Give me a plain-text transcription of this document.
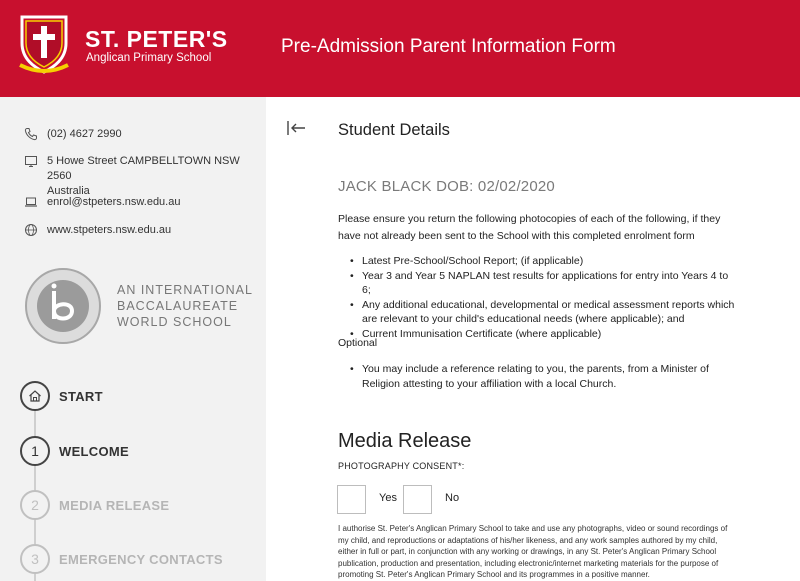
ST. PETER'S
Anglican Primary School
Pre-Admission Parent Information Form
(02) 4627 2990
5 Howe Street CAMPBELLTOWN NSW 2560
Australia
enrol@stpeters.nsw.edu.au
www.stpeters.nsw.edu.au
AN INTERNATIONAL
BACCALAUREATE
WORLD SCHOOL
START
1	WELCOME
2	MEDIA RELEASE
3	EMERGENCY CONTACTS
Student Details
JACK BLACK DOB: 02/02/2020
Please ensure you return the following photocopies of each of the following, if they have not already been sent to the School with this completed enrolment form
• Latest Pre-School/School Report; (if applicable)
• Year 3 and Year 5 NAPLAN test results for applications for entry into Years 4 to 6;
• Any additional educational, developmental or medical assessment reports which are relevant to your child's educational needs (where applicable); and
• Current Immunisation Certificate (where applicable)
Optional
• You may include a reference relating to you, the parents, from a Minister of Religion attesting to your affiliation with a local Church.
Media Release
PHOTOGRAPHY CONSENT*:
Yes	No
I authorise St. Peter's Anglican Primary School to take and use any photographs, video or sound recordings of my child, and reproductions or adaptations of his/her likeness, and any work samples authored by my child, either in full or part, in conjunction with any working or drawings, in any St. Peter's Anglican Primary School publication, production and presentation, including electronic/internet marketing materials for the purpose of promoting St. Peter's Anglican Primary School and its programmes in a positive manner.
